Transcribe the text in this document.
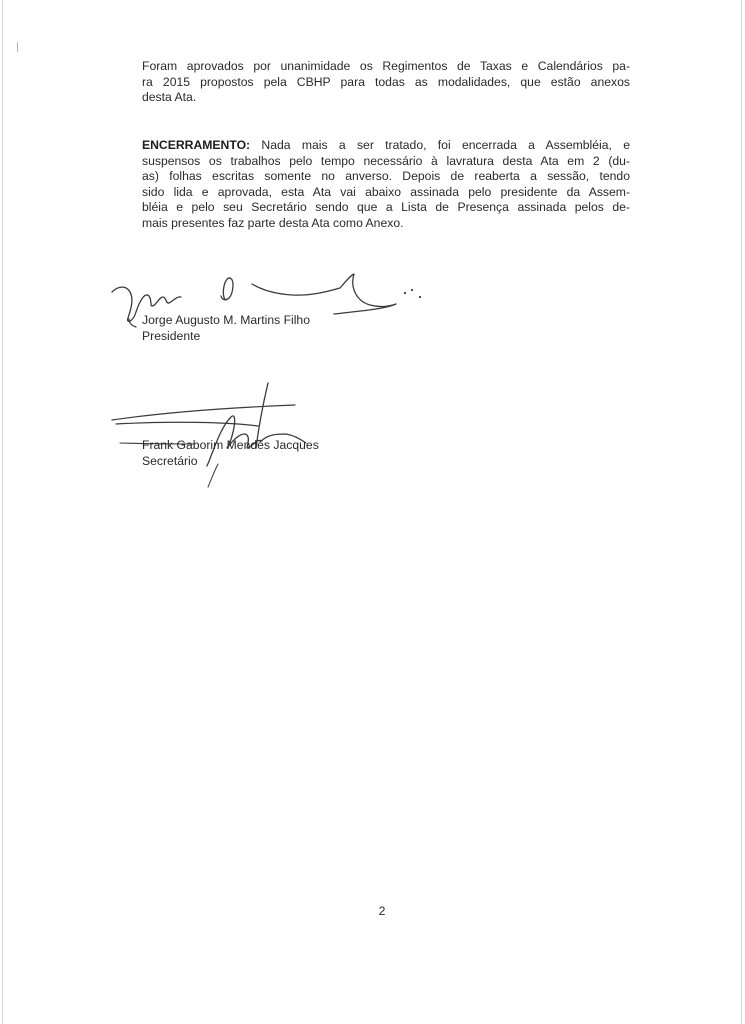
Foram aprovados por unanimidade os Regimentos de Taxas e Calendários pa-
ra 2015 propostos pela CBHP para todas as modalidades, que estão anexos
desta Ata.

ENCERRAMENTO: Nada mais a ser tratado, foi encerrada a Assembléia, e
suspensos os trabalhos pelo tempo necessário à lavratura desta Ata em 2 (du-
as) folhas escritas somente no anverso. Depois de reaberta a sessão, tendo
sido lida e aprovada, esta Ata vai abaixo assinada pelo presidente da Assem-
bléia e pelo seu Secretário sendo que a Lista de Presença assinada pelos de-
mais presentes faz parte desta Ata como Anexo.

Jorge Augusto M. Martins Filho
Presidente
Frank Gaborim Mendes Jacques
Secretário
2
